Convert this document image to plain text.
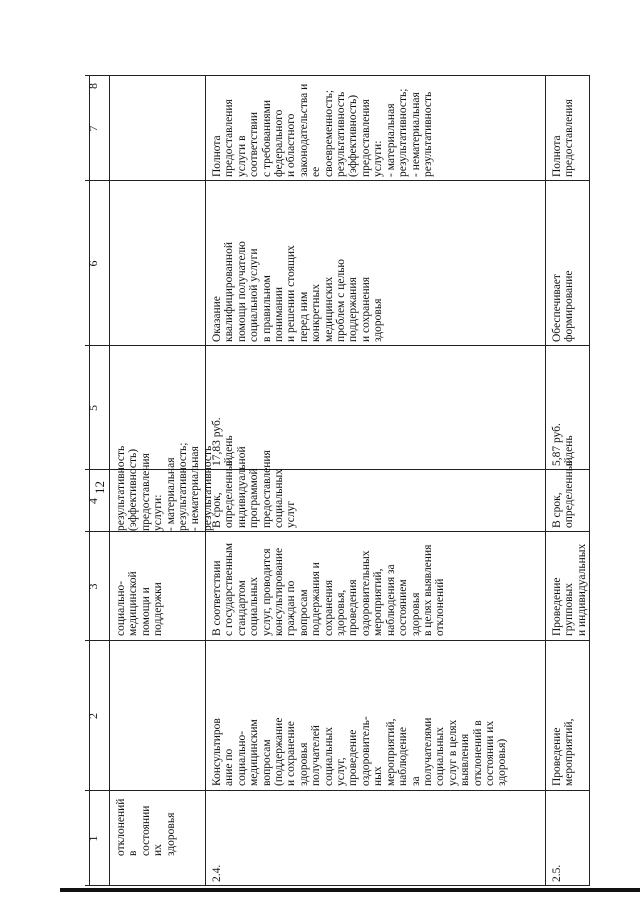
12
1
2
3
4
5
6
7
8
отклонений в
состоянии их
здоровья
социально-
медицинской
помощи и
поддержки
результативность
(эффективность)
предоставления
услуги:
- материальная
результативность;
- нематериальная
результативность
2.4.
Консультиров
ание по
социально-
медицинским
вопросам
(поддержание
и сохранение
здоровья
получателей
социальных
услуг,
проведение
оздоровитель-
ных
мероприятий,
наблюдение
за
получателями
социальных
услуг в целях
выявления
отклонений в
состоянии их
здоровья)
В соответствии
с государственным
стандартом социальных
услуг, проводится
консультирование
граждан по вопросам
поддержания и
сохранения здоровья,
проведения
оздоровительных
мероприятий,
наблюдения за
состоянием здоровья
в целях выявления
отклонений
В срок,
определенный
индивидуальной
программой
предоставления
социальных
услуг
17,83 руб.
в день
Оказание
квалифицированной
помощи получателю
социальной услуги
в правильном
понимании
и решении стоящих
перед ним
конкретных
медицинских
проблем с целью
поддержания
и сохранения
здоровья
Полнота
предоставления
услуги в соответствии
с требованиями
федерального
и областного
законодательства и ее
своевременность;
результативность
(эффективность)
предоставления
услуги:
- материальная
результативность;
- нематериальная
результативность
2.5.
Проведение
мероприятий,
Проведение групповых
и индивидуальных
В срок,
определенный
5,87 руб.
в день
Обеспечивает
формирование
Полнота
предоставления
